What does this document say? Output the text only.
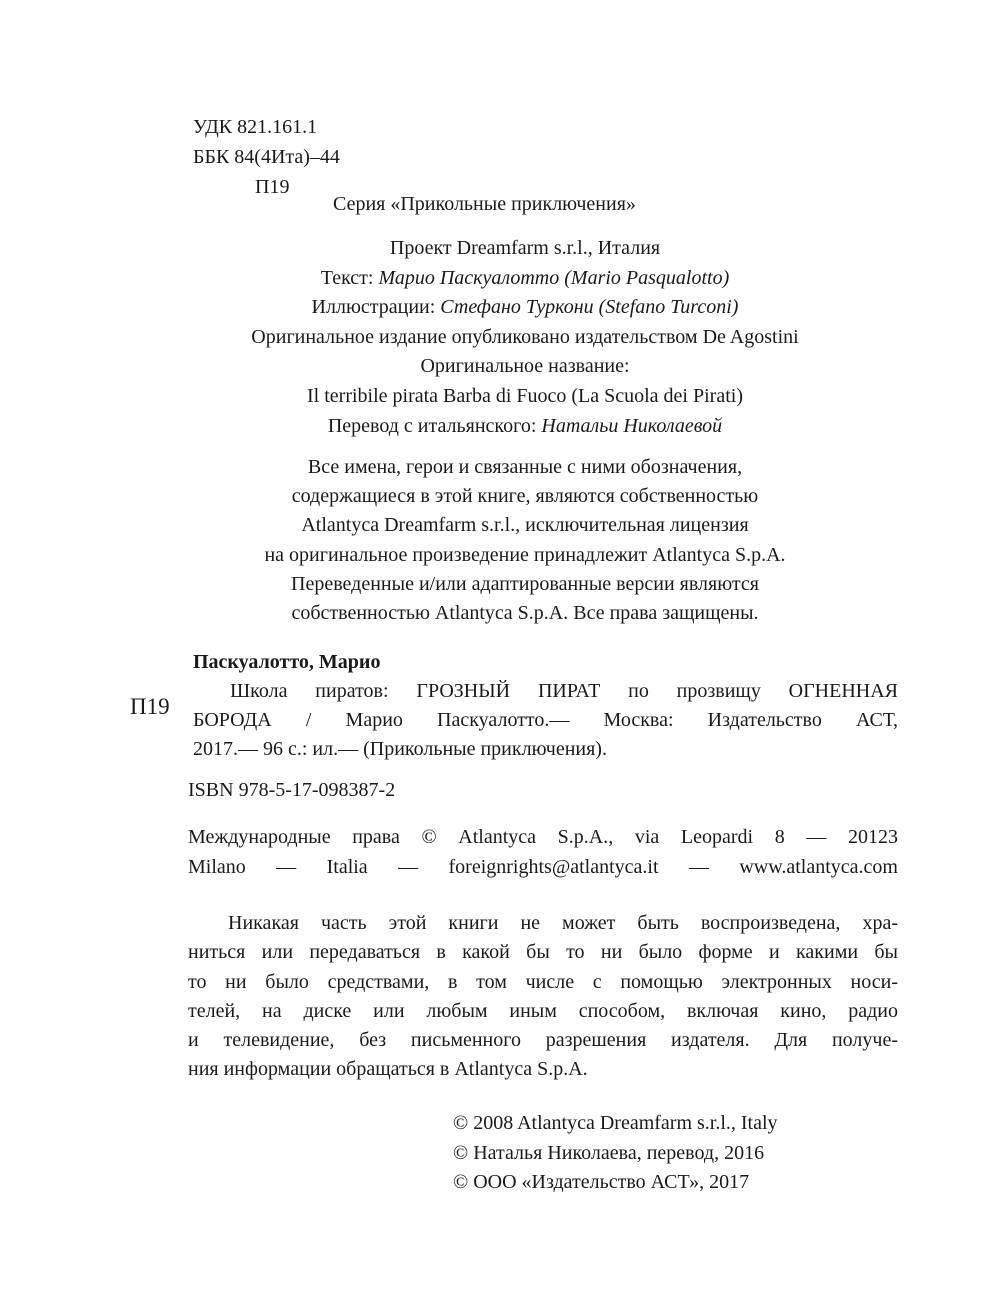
УДК 821.161.1
ББК 84(4Ита)–44
П19
Серия «Прикольные приключения»
Проект Dreamfarm s.r.l., Италия
Текст: Марио Паскуалотто (Mario Pasqualotto)
Иллюстрации: Стефано Туркони (Stefano Turconi)
Оригинальное издание опубликовано издательством De Agostini
Оригинальное название:
Il terribile pirata Barba di Fuoco (La Scuola dei Pirati)
Перевод с итальянского: Натальи Николаевой
Все имена, герои и связанные с ними обозначения,
содержащиеся в этой книге, являются собственностью
Atlantyca Dreamfarm s.r.l., исключительная лицензия
на оригинальное произведение принадлежит Atlantyca S.p.A.
Переведенные и/или адаптированные версии являются
собственностью Atlantyca S.p.A. Все права защищены.
Паскуалотто, Марио
П19
Школа пиратов: ГРОЗНЫЙ ПИРАТ по прозвищу ОГНЕННАЯ
БОРОДА / Марио Паскуалотто.— Москва: Издательство АСТ,
2017.— 96 с.: ил.— (Прикольные приключения).
ISBN 978-5-17-098387-2
Международные права © Atlantyca S.p.A., via Leopardi 8 — 20123
Milano — Italia — foreignrights@atlantyca.it — www.atlantyca.com
Никакая часть этой книги не может быть воспроизведена, хра-
ниться или передаваться в какой бы то ни было форме и какими бы
то ни было средствами, в том числе с помощью электронных носи-
телей, на диске или любым иным способом, включая кино, радио
и телевидение, без письменного разрешения издателя. Для получе-
ния информации обращаться в Atlantyca S.p.A.
© 2008 Atlantyca Dreamfarm s.r.l., Italy
© Наталья Николаева, перевод, 2016
© ООО «Издательство АСТ», 2017
